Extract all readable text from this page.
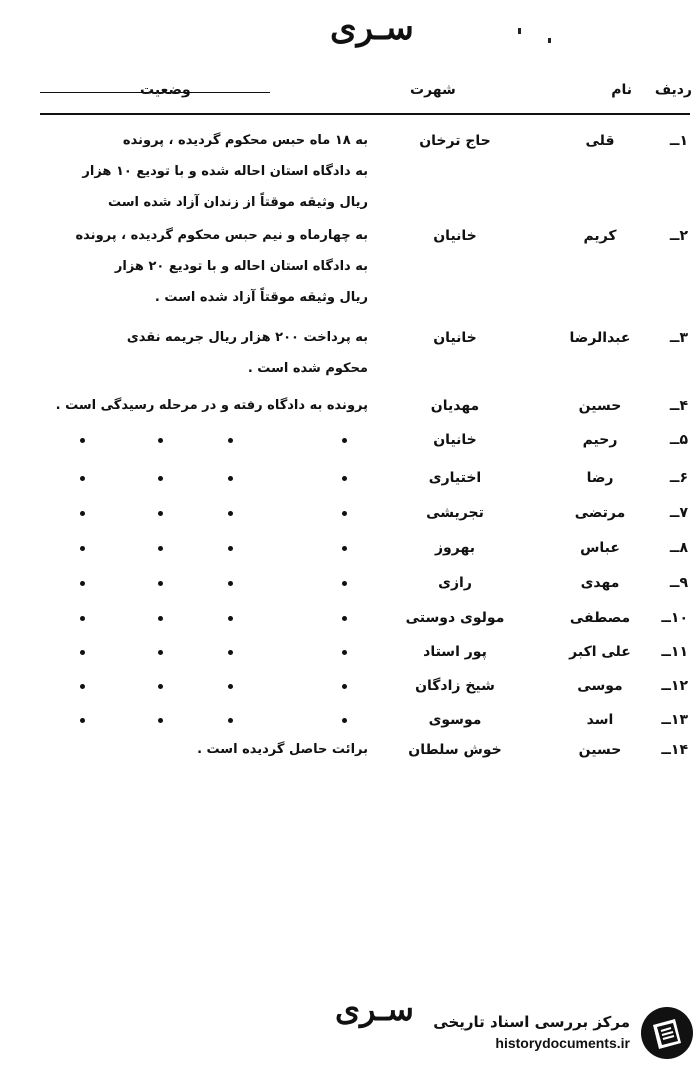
سـری
ردیف
نام
شهرت
وضعیت
۱ــ
قلی
حاج ترخان
به ۱۸ ماه حبس محکوم گردیده ، پرونده
به دادگاه استان احاله شده و با تودیع ۱۰ هزار
ریال وثیقه موقتاً از زندان آزاد شده است
۲ــ
کریم
خانیان
به چهارماه و نیم حبس محکوم گردیده ، پرونده
به دادگاه استان احاله و با تودیع ۲۰ هزار
ریال وثیقه موقتاً آزاد شده است .
۳ــ
عبدالرضا
خانیان
به پرداخت ۲۰۰ هزار ریال جریمه نقدی
محکوم شده است .
۴ــ
حسین
مهدیان
پرونده به دادگاه رفته و در مرحله رسیدگی است .
۵ــ
رحیم
خانیان
۶ــ
رضا
اختیاری
۷ــ
مرتضی
تجریشی
۸ــ
عباس
بهروز
۹ــ
مهدی
رازی
۱۰ــ
مصطفی
مولوی دوستی
۱۱ــ
علی اکبر
پور استاد
۱۲ــ
موسی
شیخ زادگان
۱۳ــ
اسد
موسوی
۱۴ــ
حسین
خوش سلطان
برائت حاصل گردیده است .
سـری مرکز بررسی اسناد تاریخی
historydocuments.ir
